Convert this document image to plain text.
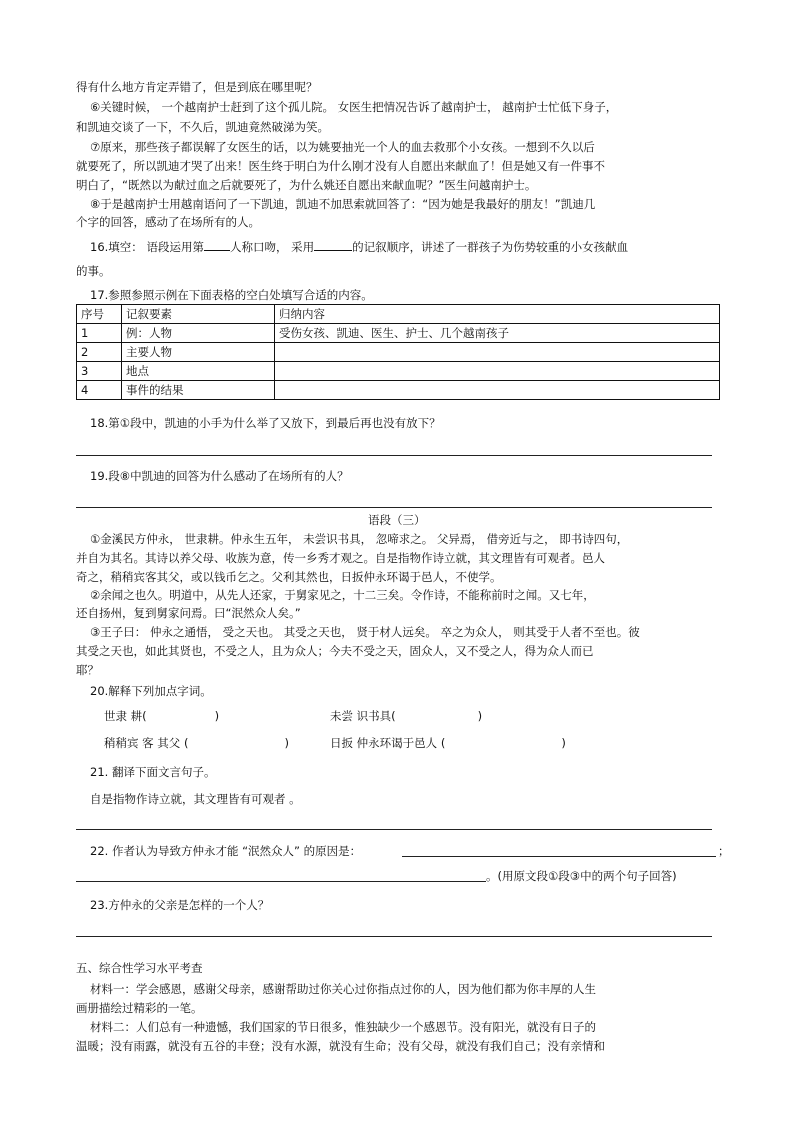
得有什么地方肯定弄错了，但是到底在哪里呢？
⑥关键时候， 一个越南护士赶到了这个孤儿院。 女医生把情况告诉了越南护士， 越南护士忙低下身子，
和凯迪交谈了一下，不久后，凯迪竟然破涕为笑。
⑦原来，那些孩子都误解了女医生的话，以为姚要抽光一个人的血去救那个小女孩。一想到不久以后
就要死了，所以凯迪才哭了出来！医生终于明白为什么刚才没有人自愿出来献血了！但是她又有一件事不
明白了，“既然以为献过血之后就要死了，为什么姚还自愿出来献血呢？”医生问越南护士。
⑧于是越南护士用越南语问了一下凯迪，凯迪不加思索就回答了：“因为她是我最好的朋友！”凯迪几
个字的回答，感动了在场所有的人。
16.填空： 语段运用第 人称口吻， 采用	的记叙顺序，讲述了一群孩子为伤势较重的小女孩献血
的事。
17.参照参照示例在下面表格的空白处填写合适的内容。
序号	记叙要素	归纳内容
1	例：人物	受伤女孩、凯迪、医生、护士、几个越南孩子
2	主要人物	
3	地点	
4	事件的结果	
18.第①段中，凯迪的小手为什么举了又放下，到最后再也没有放下？
19.段⑧中凯迪的回答为什么感动了在场所有的人？
语段（三）
①金溪民方仲永， 世隶耕。仲永生五年， 未尝识书具， 忽啼求之。 父异焉， 借旁近与之， 即书诗四句，
并自为其名。其诗以养父母、收族为意，传一乡秀才观之。自是指物作诗立就，其文理皆有可观者。邑人
奇之，稍稍宾客其父，或以钱币乞之。父利其然也，日扳仲永环谒于邑人，不使学。
②余闻之也久。明道中，从先人还家，于舅家见之，十二三矣。令作诗，不能称前时之闻。又七年，
还自扬州，复到舅家问焉。曰“泯然众人矣。”
③王子曰： 仲永之通悟， 受之天也。 其受之天也， 贤于材人远矣。 卒之为众人， 则其受于人者不至也。彼
其受之天也，如此其贤也，不受之人，且为众人；今夫不受之天，固众人，又不受之人，得为众人而已
耶？
20.解释下列加点字词。
世隶 耕(	)	未尝 识书具(	)
稍稍宾 客 其父 (	)	日扳 仲永环谒于邑人 (	)
21. 翻译下面文言句子。
自是指物作诗立就，其文理皆有可观者 。
22. 作者认为导致方仲永才能 “泯然众人” 的原因是：	；
。(用原文段①段③中的两个句子回答)
23.方仲永的父亲是怎样的一个人？
五、综合性学习水平考查
材料一：学会感恩，感谢父母亲，感谢帮助过你关心过你指点过你的人，因为他们都为你丰厚的人生
画册描绘过精彩的一笔。
材料二：人们总有一种遗憾，我们国家的节日很多，惟独缺少一个感恩节。没有阳光，就没有日子的
温暖；没有雨露，就没有五谷的丰登；没有水源，就没有生命；没有父母，就没有我们自己；没有亲情和
